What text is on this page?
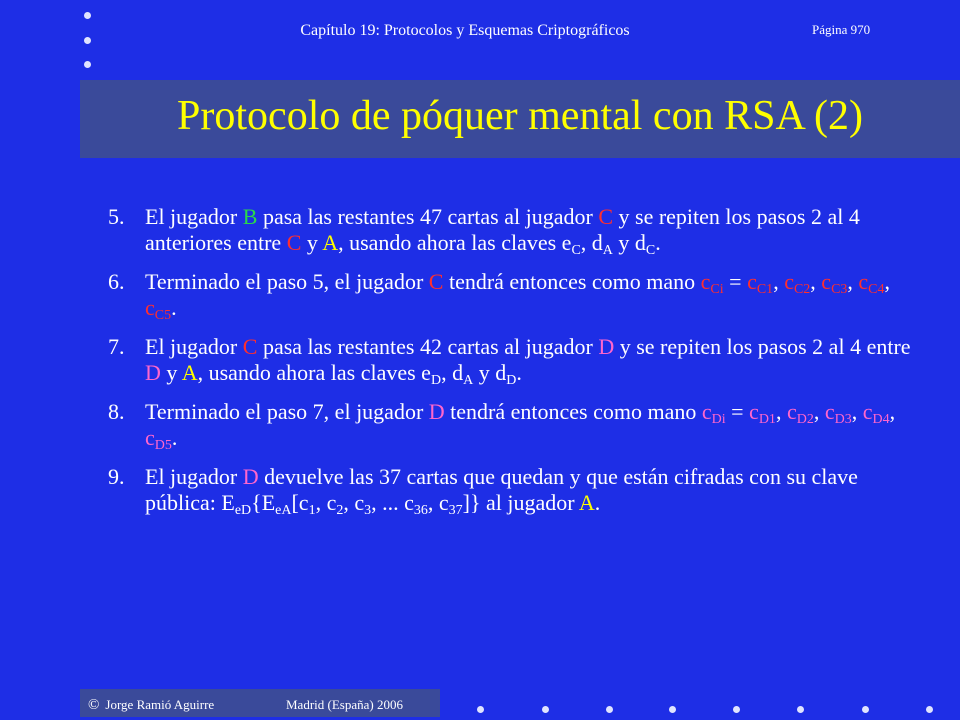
Capítulo 19: Protocolos y Esquemas Criptográficos	Página 970
Protocolo de póquer mental con RSA (2)
5. El jugador B pasa las restantes 47 cartas al jugador C y se repiten los pasos 2 al 4 anteriores entre C y A, usando ahora las claves $e_C$, $d_A$ y $d_C$.
6. Terminado el paso 5, el jugador C tendrá entonces como mano $c_{Ci} = c_{C1}$, $c_{C2}$, $c_{C3}$, $c_{C4}$, $c_{C5}$.
7. El jugador C pasa las restantes 42 cartas al jugador D y se repiten los pasos 2 al 4 entre D y A, usando ahora las claves $e_D$, $d_A$ y $d_D$.
8. Terminado el paso 7, el jugador D tendrá entonces como mano $c_{Di} = c_{D1}$, $c_{D2}$, $c_{D3}$, $c_{D4}$, $c_{D5}$.
9. El jugador D devuelve las 37 cartas que quedan y que están cifradas con su clave pública: $E_{eD}\{E_{eA}[c_1$, $c_2$, $c_3$, ... $c_{36}$, $c_{37}$]} al jugador A.
© Jorge Ramió Aguirre	Madrid (España) 2006
